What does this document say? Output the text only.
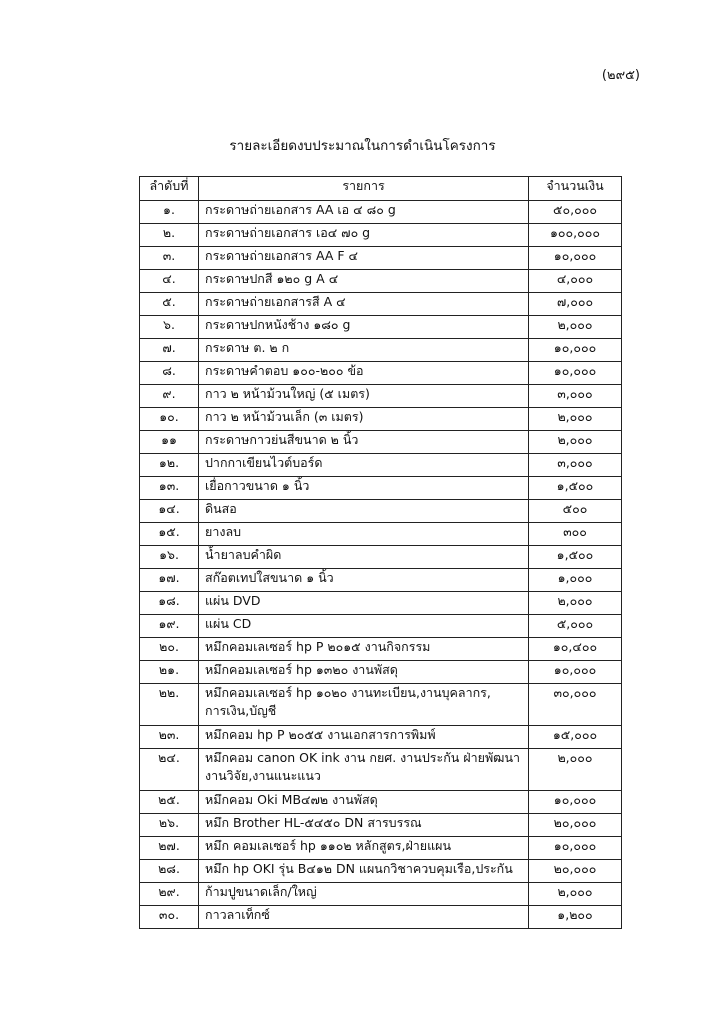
(๒๙๕)
รายละเอียดงบประมาณในการดำเนินโครงการ
ลำดับที่	รายการ	จำนวนเงิน
๑.	กระดาษถ่ายเอกสาร AA เอ ๔ ๘๐ g	๕๐,๐๐๐
๒.	กระดาษถ่ายเอกสาร เอ๔ ๗๐ g	๑๐๐,๐๐๐
๓.	กระดาษถ่ายเอกสาร AA F ๔	๑๐,๐๐๐
๔.	กระดาษปกสี ๑๒๐ g A ๔	๔,๐๐๐
๕.	กระดาษถ่ายเอกสารสี A ๔	๗,๐๐๐
๖.	กระดาษปกหนังช้าง ๑๘๐ g	๒,๐๐๐
๗.	กระดาษ ต. ๒ ก	๑๐,๐๐๐
๘.	กระดาษคำตอบ ๑๐๐-๒๐๐ ข้อ	๑๐,๐๐๐
๙.	กาว ๒ หน้าม้วนใหญ่ (๕ เมตร)	๓,๐๐๐
๑๐.	กาว ๒ หน้าม้วนเล็ก (๓ เมตร)	๒,๐๐๐
๑๑	กระดาษกาวย่นสีขนาด ๒ นิ้ว	๒,๐๐๐
๑๒.	ปากกาเขียนไวต์บอร์ด	๓,๐๐๐
๑๓.	เยื่อกาวขนาด ๑ นิ้ว	๑,๕๐๐
๑๔.	ดินสอ	๕๐๐
๑๕.	ยางลบ	๓๐๐
๑๖.	น้ำยาลบคำผิด	๑,๕๐๐
๑๗.	สก๊อตเทปใสขนาด ๑ นิ้ว	๑,๐๐๐
๑๘.	แผ่น DVD	๒,๐๐๐
๑๙.	แผ่น CD	๕,๐๐๐
๒๐.	หมึกคอมเลเซอร์ hp P ๒๐๑๕ งานกิจกรรม	๑๐,๔๐๐
๒๑.	หมึกคอมเลเซอร์ hp ๑๓๒๐ งานพัสดุ	๑๐,๐๐๐
๒๒.	หมึกคอมเลเซอร์ hp ๑๐๒๐ งานทะเบียน,งานบุคลากร,
การเงิน,บัญชี	๓๐,๐๐๐
๒๓.	หมึกคอม hp P ๒๐๕๕ งานเอกสารการพิมพ์	๑๕,๐๐๐
๒๔.	หมึกคอม canon OK ink งาน กยศ. งานประกัน ฝ่ายพัฒนา
งานวิจัย,งานแนะแนว	๒,๐๐๐
๒๕.	หมึกคอม Oki MB๔๗๒ งานพัสดุ	๑๐,๐๐๐
๒๖.	หมึก Brother HL-๕๔๕๐ DN สารบรรณ	๒๐,๐๐๐
๒๗.	หมึก คอมเลเซอร์ hp ๑๑๐๒ หลักสูตร,ฝ่ายแผน	๑๐,๐๐๐
๒๘.	หมึก hp OKI รุ่น B๔๑๒ DN แผนกวิชาควบคุมเรือ,ประกัน	๒๐,๐๐๐
๒๙.	ก้ามปูขนาดเล็ก/ใหญ่	๒,๐๐๐
๓๐.	กาวลาเท็กซ์	๑,๒๐๐
